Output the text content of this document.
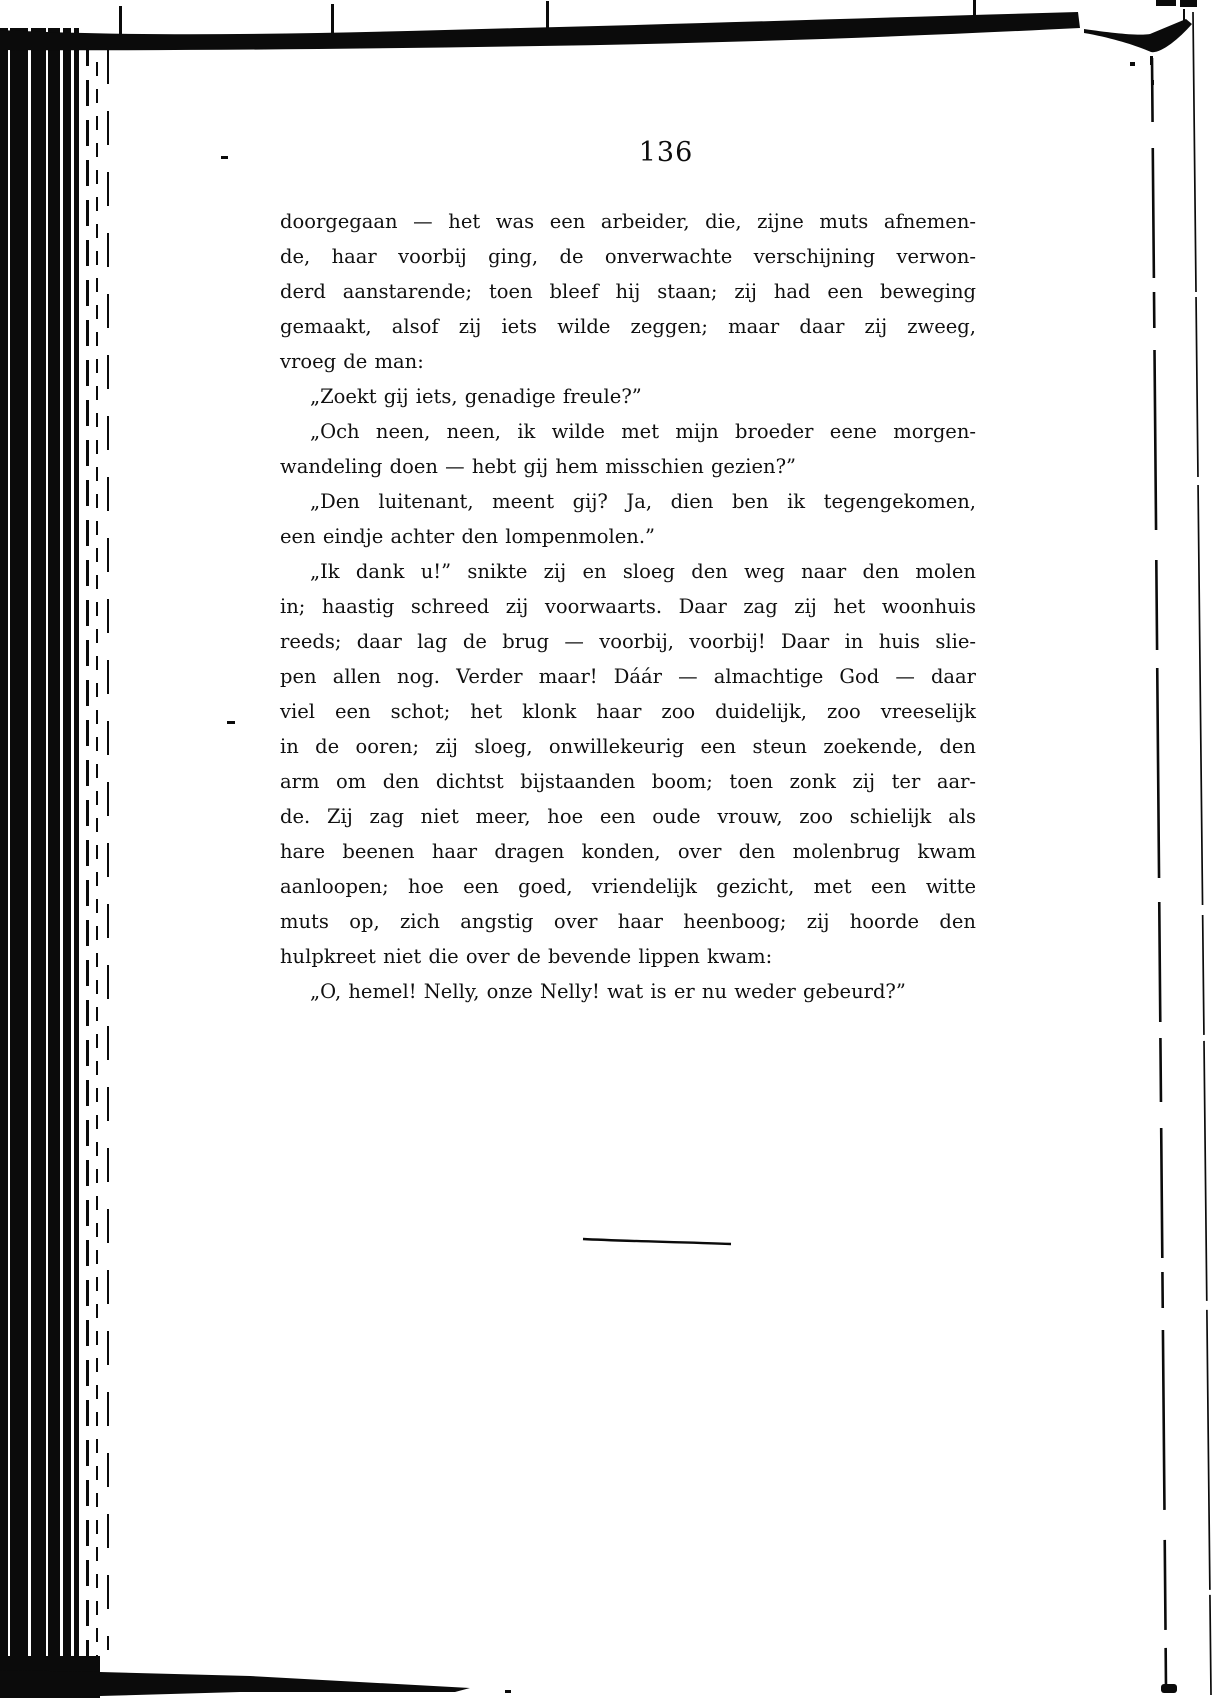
136
doorgegaan — het was een arbeider, die, zijne muts afnemen-
de, haar voorbij ging, de onverwachte verschijning verwon-
derd aanstarende; toen bleef hij staan; zij had een beweging
gemaakt, alsof zij iets wilde zeggen; maar daar zij zweeg,
vroeg de man:
„Zoekt gij iets, genadige freule?”
„Och neen, neen, ik wilde met mijn broeder eene morgen-
wandeling doen — hebt gij hem misschien gezien?”
„Den luitenant, meent gij? Ja, dien ben ik tegengekomen,
een eindje achter den lompenmolen.”
„Ik dank u!” snikte zij en sloeg den weg naar den molen
in; haastig schreed zij voorwaarts. Daar zag zij het woonhuis
reeds; daar lag de brug — voorbij, voorbij! Daar in huis slie-
pen allen nog. Verder maar! Dáár — almachtige God — daar
viel een schot; het klonk haar zoo duidelijk, zoo vreeselijk
in de ooren; zij sloeg, onwillekeurig een steun zoekende, den
arm om den dichtst bijstaanden boom; toen zonk zij ter aar-
de. Zij zag niet meer, hoe een oude vrouw, zoo schielijk als
hare beenen haar dragen konden, over den molenbrug kwam
aanloopen; hoe een goed, vriendelijk gezicht, met een witte
muts op, zich angstig over haar heenboog; zij hoorde den
hulpkreet niet die over de bevende lippen kwam:
„O, hemel! Nelly, onze Nelly! wat is er nu weder gebeurd?”
